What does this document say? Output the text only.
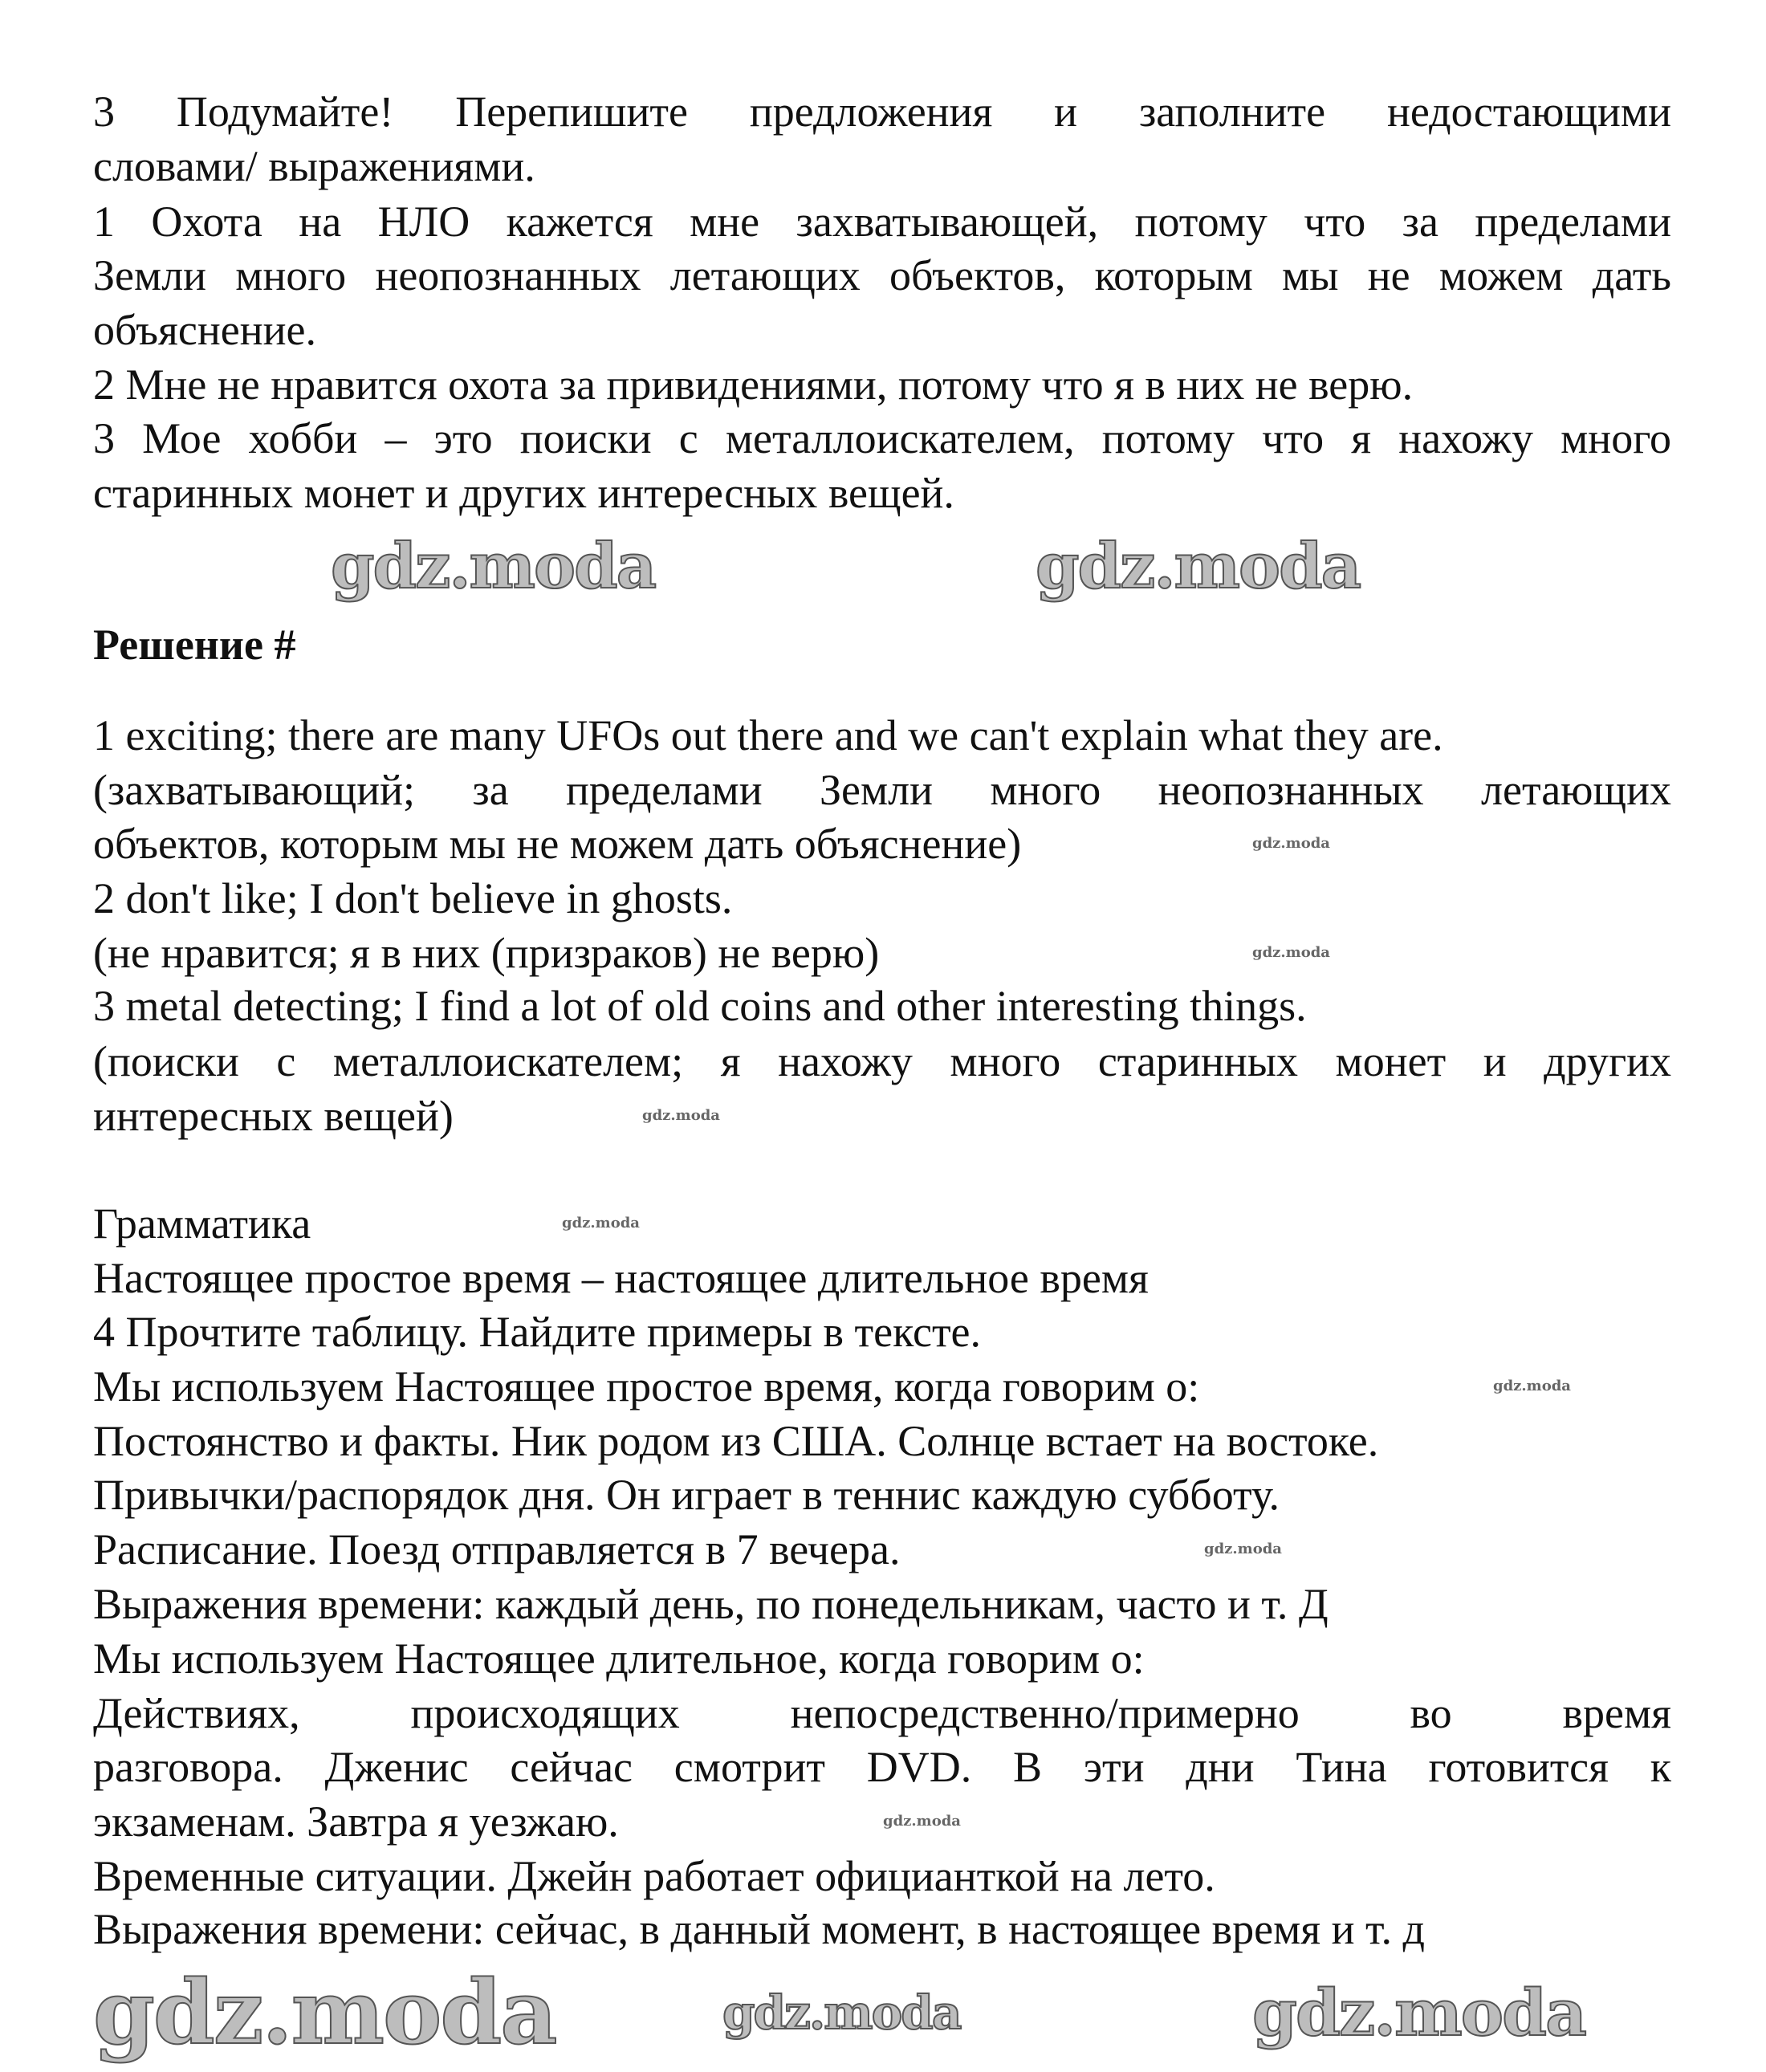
3 Подумайте! Перепишите предложения и заполните недостающими
словами/ выражениями.
1 Охота на НЛО кажется мне захватывающей, потому что за пределами
Земли много неопознанных летающих объектов, которым мы не можем дать
объяснение.
2 Мне не нравится охота за привидениями, потому что я в них не верю.
3 Мое хобби – это поиски с металлоискателем, потому что я нахожу много
старинных монет и других интересных вещей.
Решение #
1 exciting; there are many UFOs out there and we can't explain what they are.
(захватывающий; за пределами Земли много неопознанных летающих
объектов, которым мы не можем дать объяснение)
2 don't like; I don't believe in ghosts.
(не нравится; я в них (призраков) не верю)
3 metal detecting; I find a lot of old coins and other interesting things.
(поиски с металлоискателем; я нахожу много старинных монет и других
интересных вещей)
Грамматика
Настоящее простое время – настоящее длительное время
4 Прочтите таблицу. Найдите примеры в тексте.
Мы используем Настоящее простое время, когда говорим о:
Постоянство и факты. Ник родом из США. Солнце встает на востоке.
Привычки/распорядок дня. Он играет в теннис каждую субботу.
Расписание. Поезд отправляется в 7 вечера.
Выражения времени: каждый день, по понедельникам, часто и т. Д
Мы используем Настоящее длительное, когда говорим о:
Действиях, происходящих непосредственно/примерно во время
разговора. Дженис сейчас смотрит DVD. В эти дни Тина готовится к
экзаменам. Завтра я уезжаю.
Временные ситуации. Джейн работает официанткой на лето.
Выражения времени: сейчас, в данный момент, в настоящее время и т. д
gdz.moda	gdz.moda
gdz.moda	gdz.moda	gdz.moda
gdz.moda
gdz.moda
gdz.moda
gdz.moda
gdz.moda
gdz.moda
gdz.moda
